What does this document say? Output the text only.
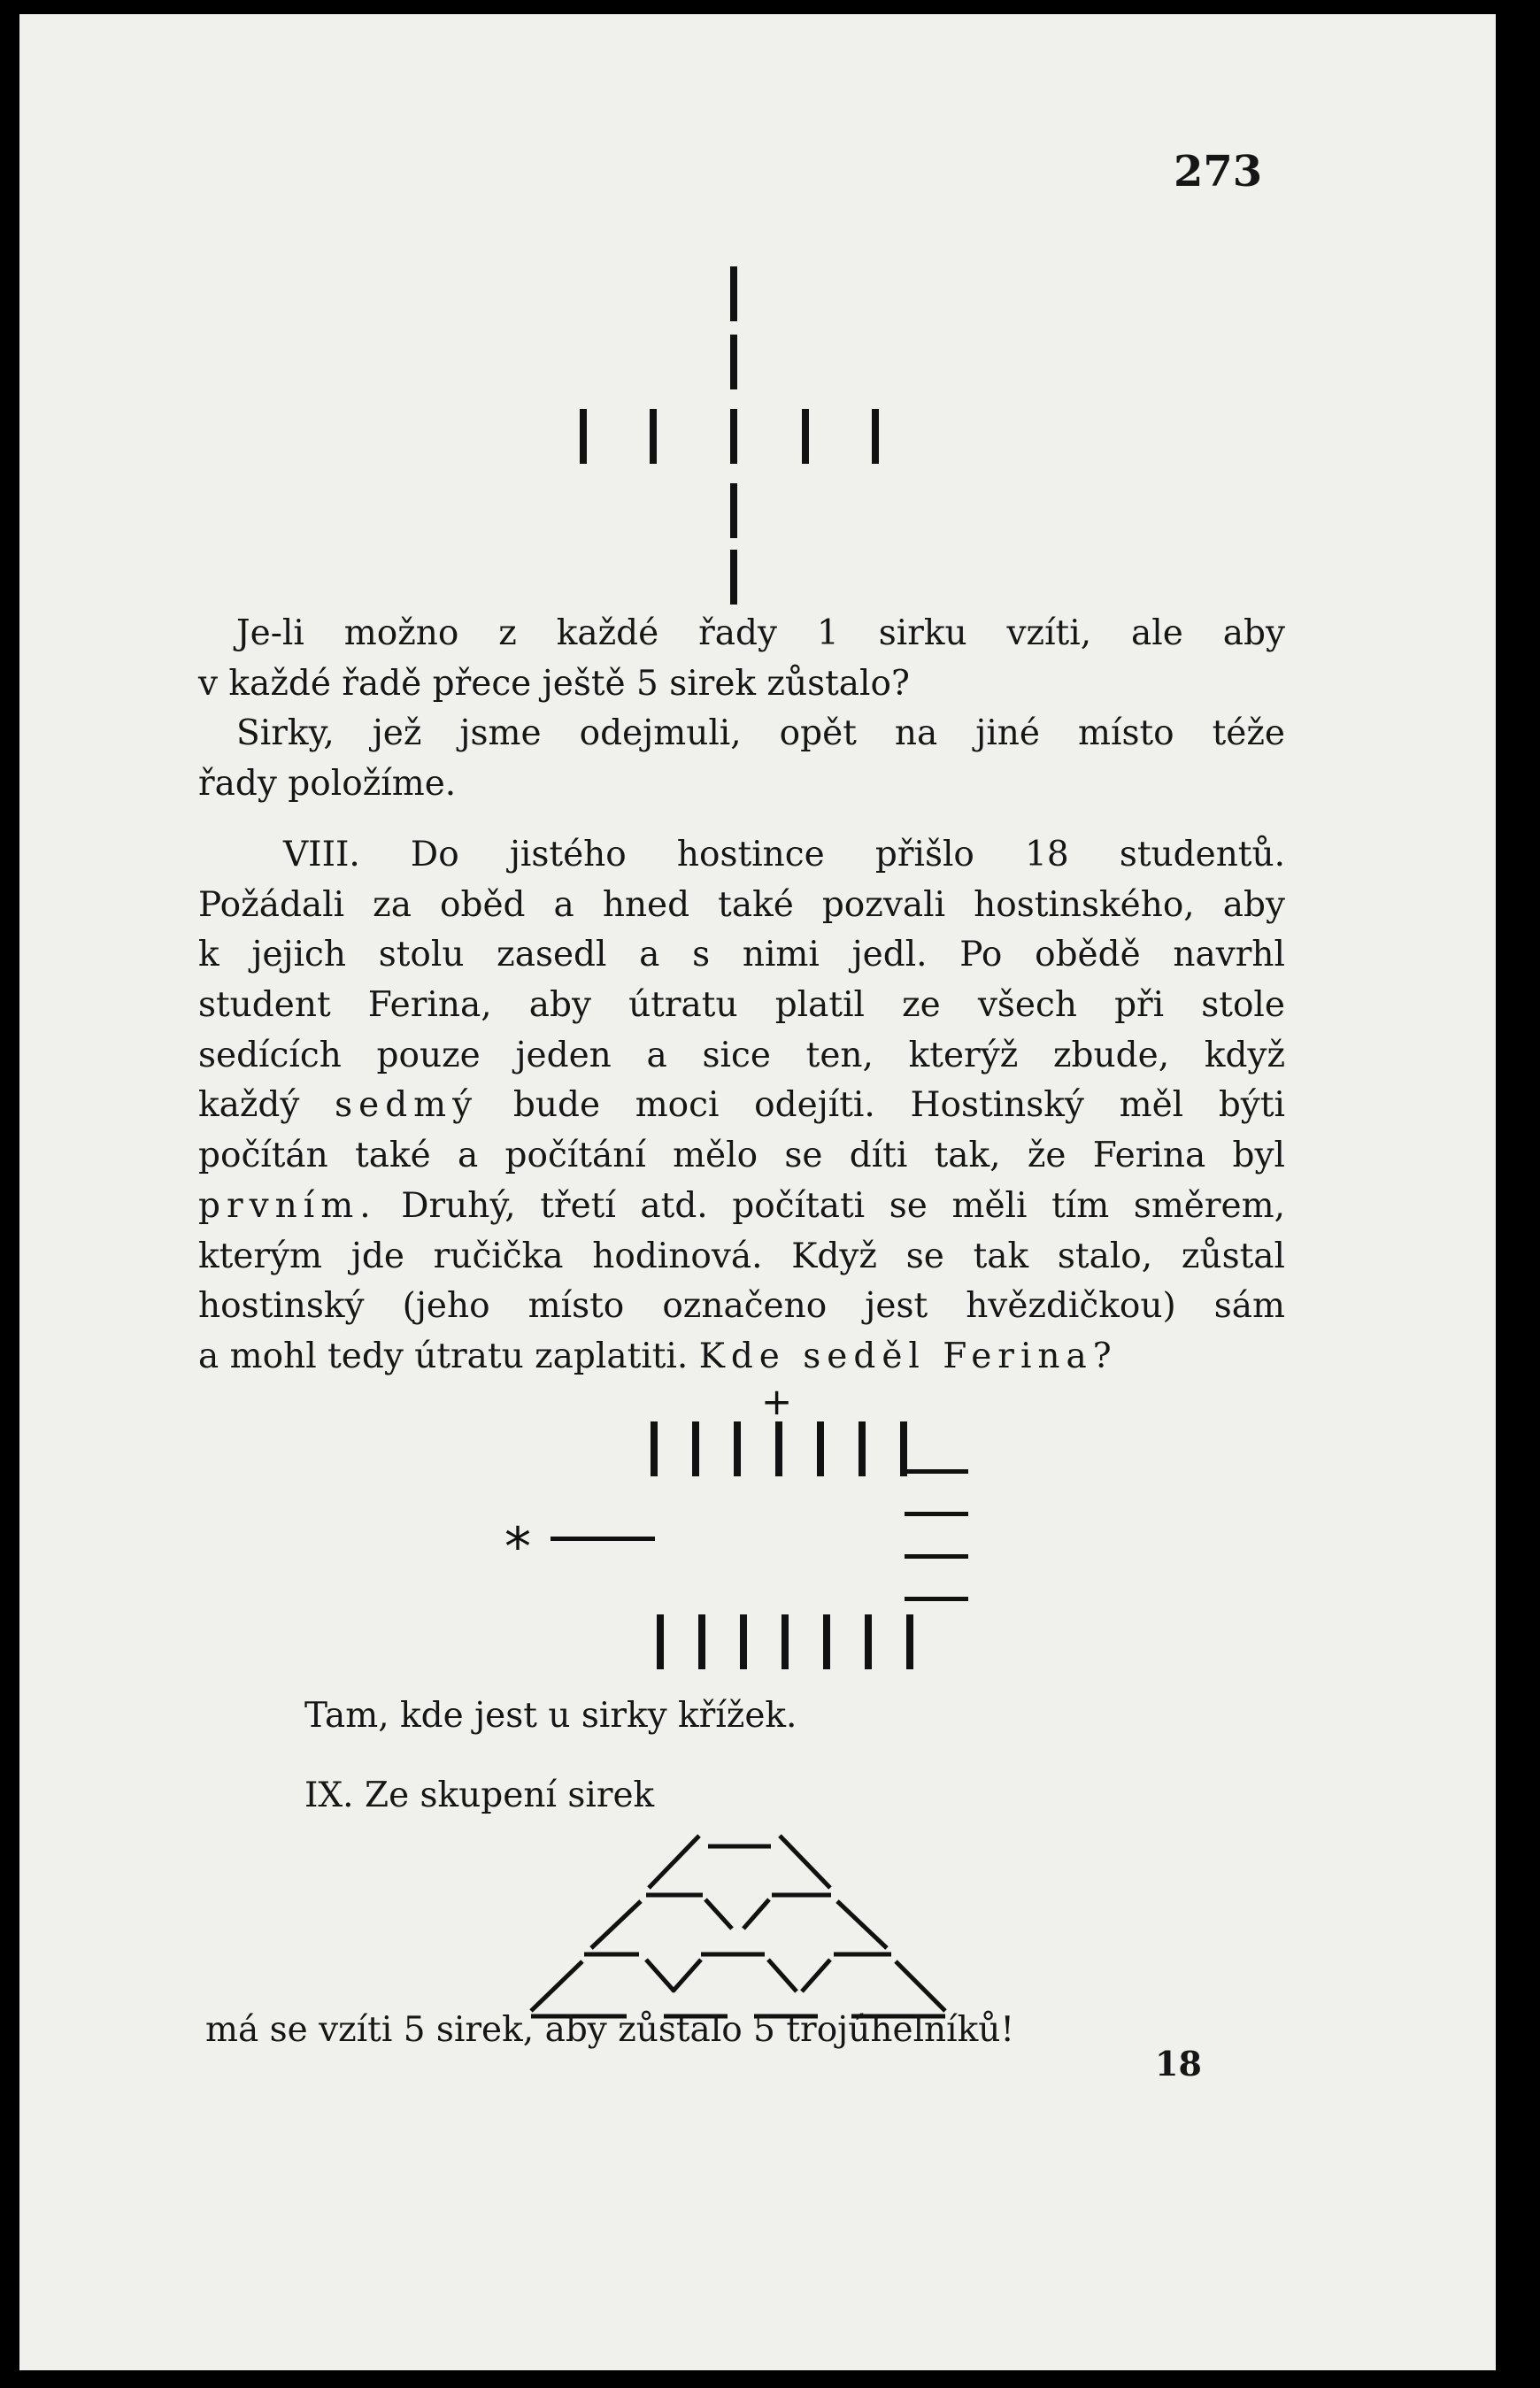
273
Je-li možno z každé řady 1 sirku vzíti, ale aby
v každé řadě přece ještě 5 sirek zůstalo?
Sirky, jež jsme odejmuli, opět na jiné místo téže
řady položíme.
VIII. Do jistého hostince přišlo 18 studentů.
Požádali za oběd a hned také pozvali hostinského, aby
k jejich stolu zasedl a s nimi jedl. Po obědě navrhl
student Ferina, aby útratu platil ze všech při stole
sedících pouze jeden a sice ten, kterýž zbude, když
každý sedmý bude moci odejíti. Hostinský měl býti
počítán také a počítání mělo se díti tak, že Ferina byl
prvním. Druhý, třetí atd. počítati se měli tím směrem,
kterým jde ručička hodinová. Když se tak stalo, zůstal
hostinský (jeho místo označeno jest hvězdičkou) sám
a mohl tedy útratu zaplatiti. Kde seděl Ferina?
+
*
Tam, kde jest u sirky křížek.
IX. Ze skupení sirek
má se vzíti 5 sirek, aby zůstalo 5 trojúhelníků!
18
